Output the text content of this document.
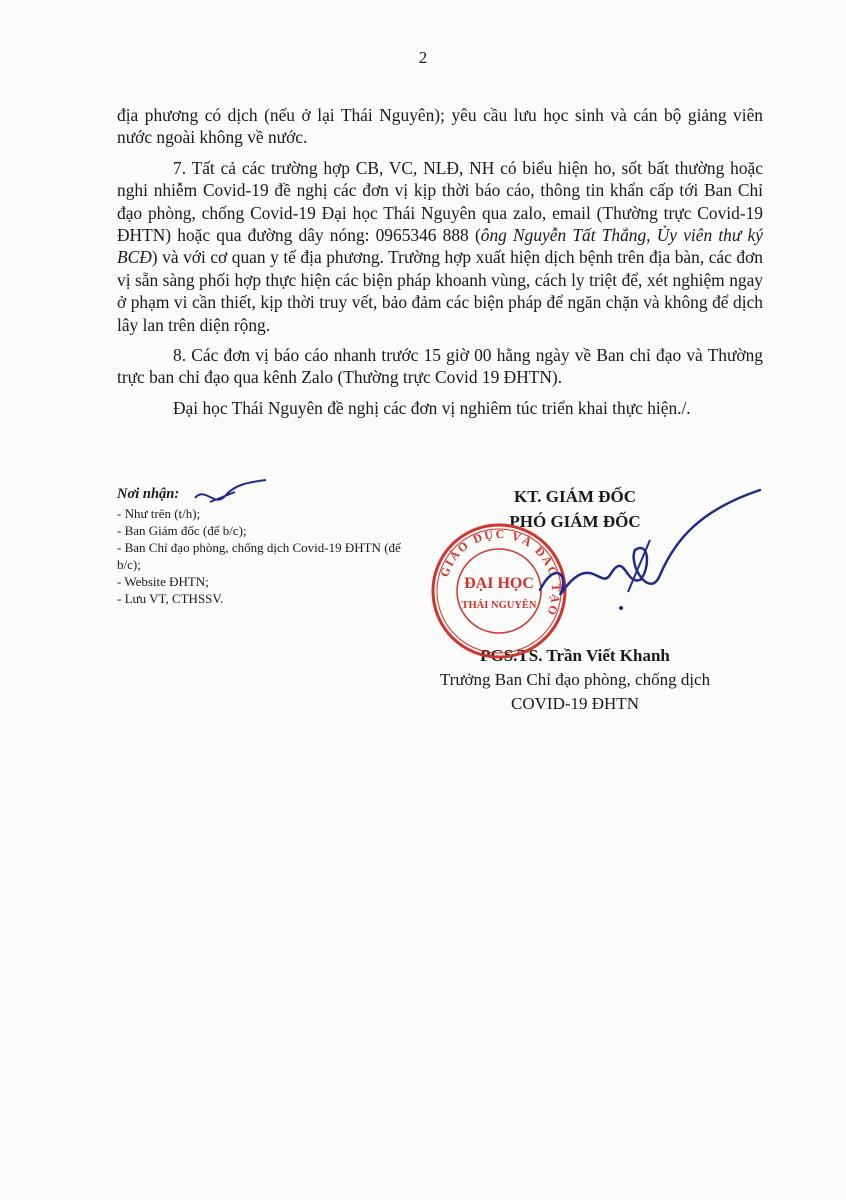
2

địa phương có dịch (nếu ở lại Thái Nguyên); yêu cầu lưu học sinh và cán bộ giảng viên nước ngoài không về nước.

7. Tất cả các trường hợp CB, VC, NLĐ, NH có biểu hiện ho, sốt bất thường hoặc nghi nhiễm Covid-19 đề nghị các đơn vị kịp thời báo cáo, thông tin khẩn cấp tới Ban Chỉ đạo phòng, chống Covid-19 Đại học Thái Nguyên qua zalo, email (Thường trực Covid-19 ĐHTN) hoặc qua đường dây nóng: 0965346 888 (ông Nguyễn Tất Thắng, Ủy viên thư ký BCĐ) và với cơ quan y tế địa phương. Trường hợp xuất hiện dịch bệnh trên địa bàn, các đơn vị sẵn sàng phối hợp thực hiện các biện pháp khoanh vùng, cách ly triệt để, xét nghiệm ngay ở phạm vi cần thiết, kịp thời truy vết, bảo đảm các biện pháp để ngăn chặn và không để dịch lây lan trên diện rộng.

8. Các đơn vị báo cáo nhanh trước 15 giờ 00 hằng ngày về Ban chỉ đạo và Thường trực ban chỉ đạo qua kênh Zalo (Thường trực Covid 19 ĐHTN).

Đại học Thái Nguyên đề nghị các đơn vị nghiêm túc triển khai thực hiện./.

Nơi nhận:
- Như trên (t/h);
- Ban Giám đốc (để b/c);
- Ban Chỉ đạo phòng, chống dịch Covid-19 ĐHTN (để b/c);
- Website ĐHTN;
- Lưu VT, CTHSSV.
KT. GIÁM ĐỐC
PHÓ GIÁM ĐỐC
PGS.TS. Trần Viết Khanh
Trưởng Ban Chỉ đạo phòng, chống dịch
COVID-19 ĐHTN
GIÁO DỤC VÀ ĐÀO TẠO
ĐẠI HỌC
THÁI NGUYÊN
